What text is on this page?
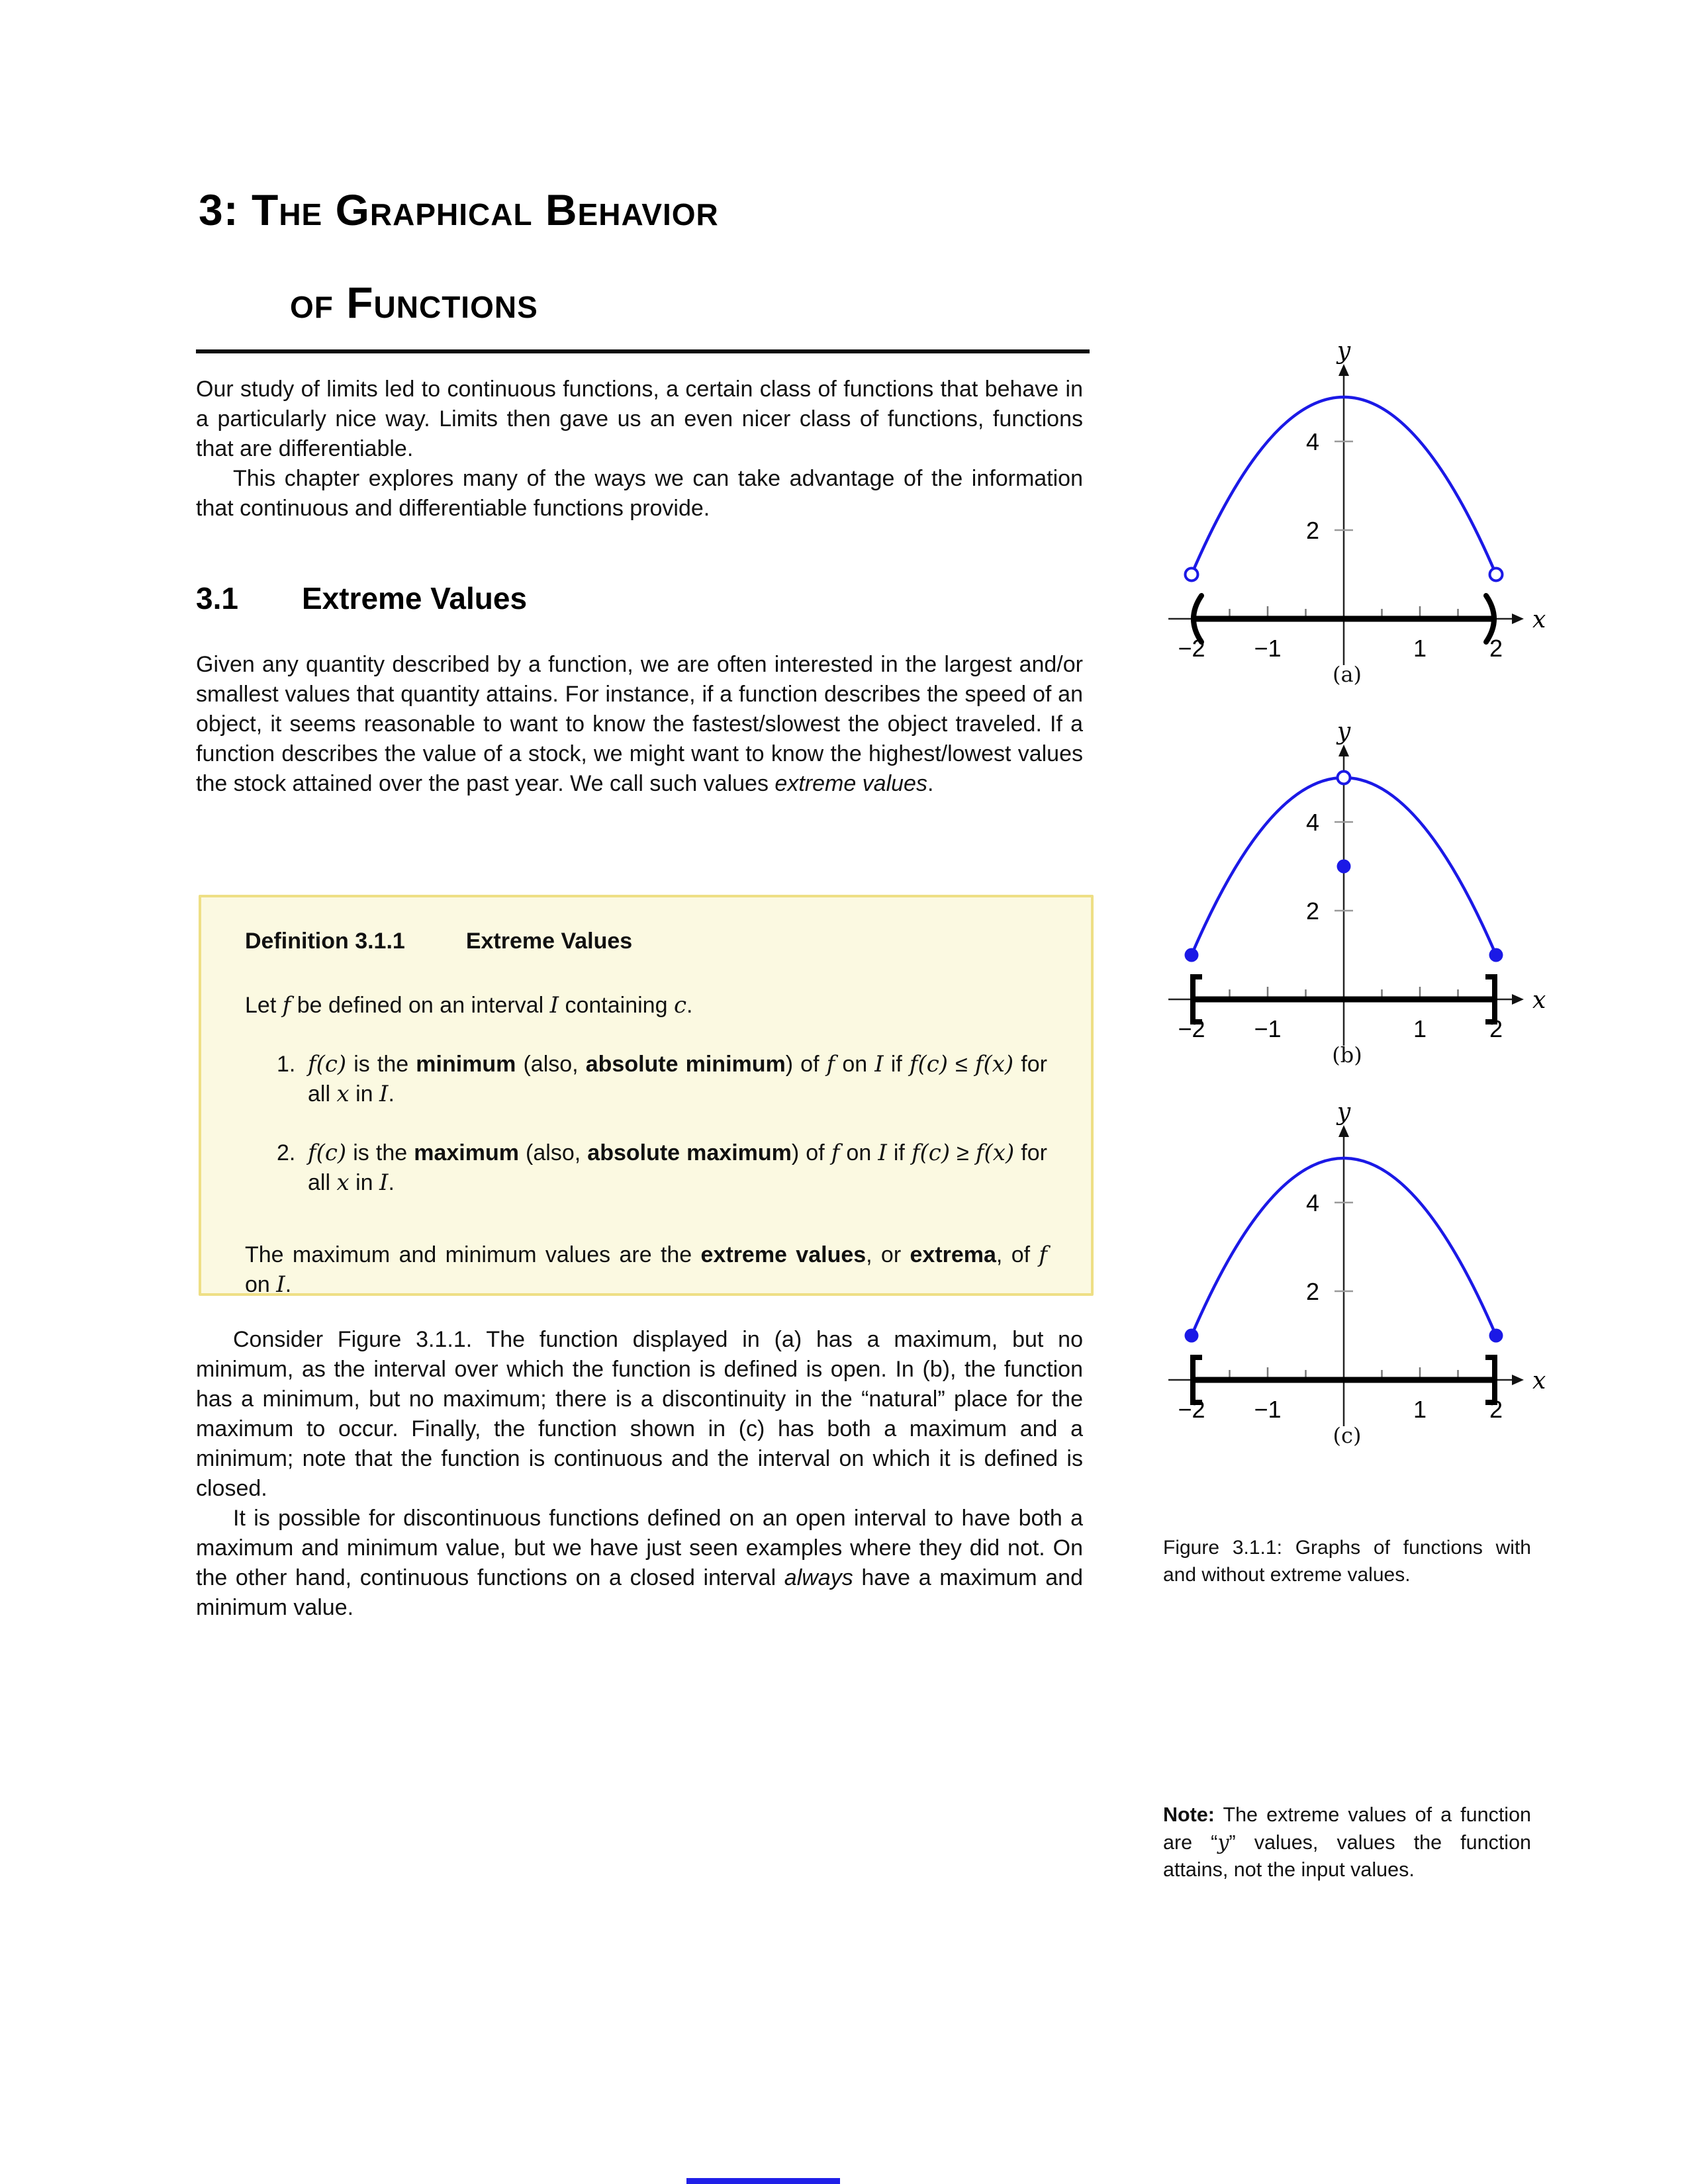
3: The Graphical Behavior
of Functions

Our study of limits led to continuous functions, a certain class of functions that behave in a particularly nice way. Limits then gave us an even nicer class of functions, functions that are differentiable.

This chapter explores many of the ways we can take advantage of the information that continuous and differentiable functions provide.

3.1 Extreme Values

Given any quantity described by a function, we are often interested in the largest and/or smallest values that quantity attains. For instance, if a function describes the speed of an object, it seems reasonable to want to know the fastest/slowest the object traveled. If a function describes the value of a stock, we might want to know the highest/lowest values the stock attained over the past year. We call such values extreme values.

Definition 3.1.1	Extreme Values
Let f be defined on an interval I containing c.
1. f(c) is the minimum (also, absolute minimum) of f on I if f(c) ≤ f(x) for all x in I.
2. f(c) is the maximum (also, absolute maximum) of f on I if f(c) ≥ f(x) for all x in I.
The maximum and minimum values are the extreme values, or extrema, of f on I.

Consider Figure 3.1.1. The function displayed in (a) has a maximum, but no minimum, as the interval over which the function is defined is open. In (b), the function has a minimum, but no maximum; there is a discontinuity in the “natural” place for the maximum to occur. Finally, the function shown in (c) has both a maximum and a minimum; note that the function is continuous and the interval on which it is defined is closed.

It is possible for discontinuous functions defined on an open interval to have both a maximum and minimum value, but we have just seen examples where they did not. On the other hand, continuous functions on a closed interval always have a maximum and minimum value.

y
4
2
x
−2 −1	1	2
(a)
y
4
2
x
−2 −1	1	2
(b)
y
4
2
x
−2 −1	1	2
(c)
Figure 3.1.1: Graphs of functions with and without extreme values.
Note: The extreme values of a function are “y” values, values the function attains, not the input values.
